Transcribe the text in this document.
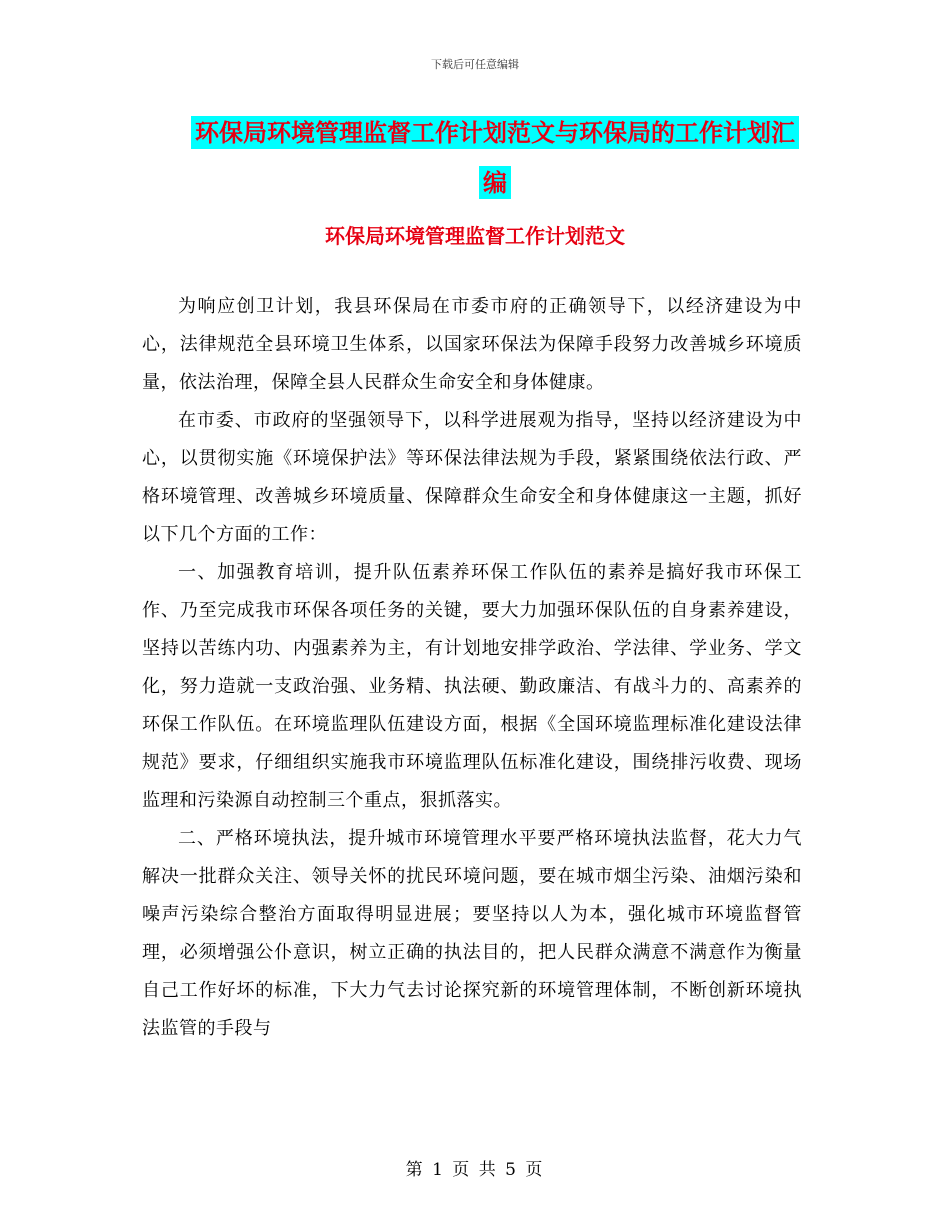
下载后可任意编辑
环保局环境管理监督工作计划范文与环保局的工作计划汇编
环保局环境管理监督工作计划范文

为响应创卫计划，我县环保局在市委市府的正确领导下，以经济建设为中心，法律规范全县环境卫生体系，以国家环保法为保障手段努力改善城乡环境质量，依法治理，保障全县人民群众生命安全和身体健康。

在市委、市政府的坚强领导下，以科学进展观为指导，坚持以经济建设为中心，以贯彻实施《环境保护法》等环保法律法规为手段，紧紧围绕依法行政、严格环境管理、改善城乡环境质量、保障群众生命安全和身体健康这一主题，抓好以下几个方面的工作：

一、加强教育培训，提升队伍素养环保工作队伍的素养是搞好我市环保工作、乃至完成我市环保各项任务的关键，要大力加强环保队伍的自身素养建设，坚持以苦练内功、内强素养为主，有计划地安排学政治、学法律、学业务、学文化，努力造就一支政治强、业务精、执法硬、勤政廉洁、有战斗力的、高素养的环保工作队伍。在环境监理队伍建设方面，根据《全国环境监理标准化建设法律规范》要求，仔细组织实施我市环境监理队伍标准化建设，围绕排污收费、现场监理和污染源自动控制三个重点，狠抓落实。

二、严格环境执法，提升城市环境管理水平要严格环境执法监督，花大力气解决一批群众关注、领导关怀的扰民环境问题，要在城市烟尘污染、油烟污染和噪声污染综合整治方面取得明显进展；要坚持以人为本，强化城市环境监督管理，必须增强公仆意识，树立正确的执法目的，把人民群众满意不满意作为衡量自己工作好坏的标准，下大力气去讨论探究新的环境管理体制，不断创新环境执法监管的手段与

第 1 页 共 5 页
